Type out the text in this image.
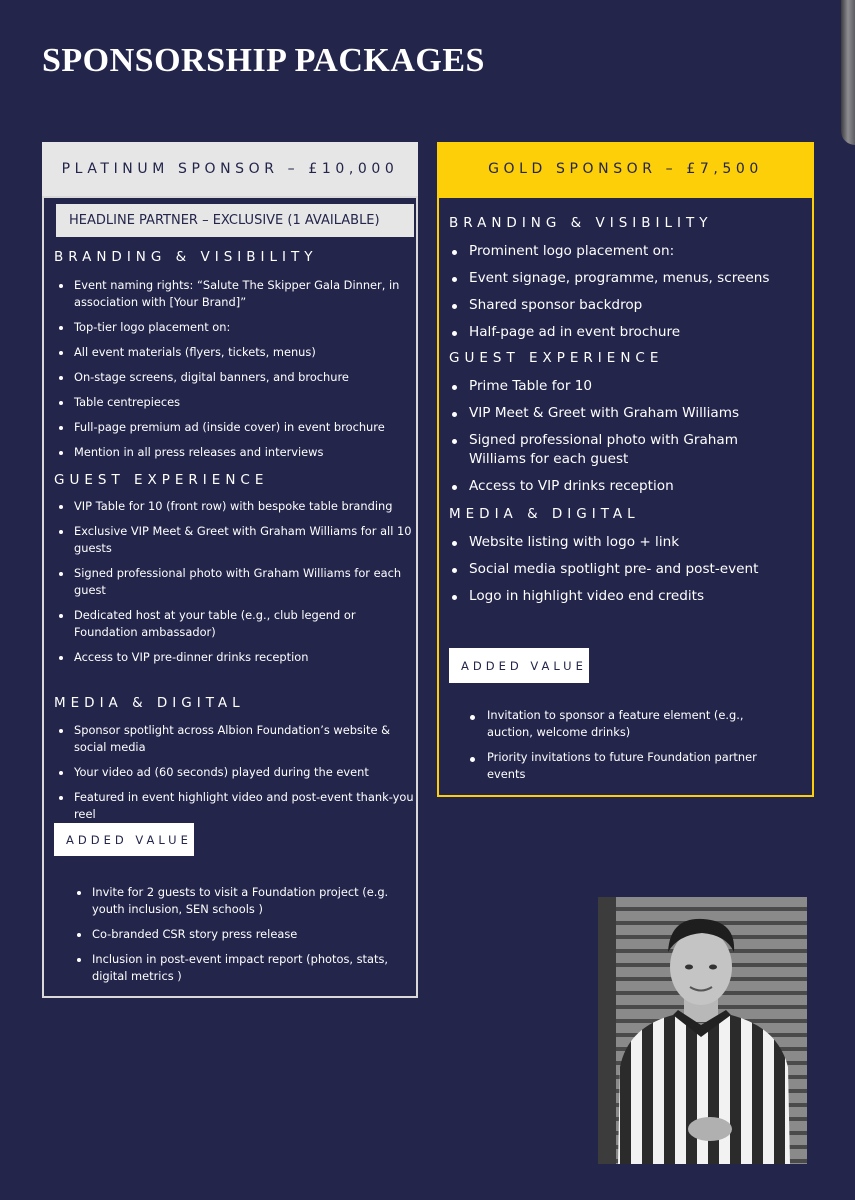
SPONSORSHIP PACKAGES
PLATINUM SPONSOR – £10,000
HEADLINE PARTNER – EXCLUSIVE (1 AVAILABLE)
BRANDING & VISIBILITY
Event naming rights: “Salute The Skipper Gala Dinner, in association with [Your Brand]”
Top-tier logo placement on:
All event materials (flyers, tickets, menus)
On-stage screens, digital banners, and brochure
Table centrepieces
Full-page premium ad (inside cover) in event brochure
Mention in all press releases and interviews
GUEST EXPERIENCE
VIP Table for 10 (front row) with bespoke table branding
Exclusive VIP Meet & Greet with Graham Williams for all 10 guests
Signed professional photo with Graham Williams for each guest
Dedicated host at your table (e.g., club legend or Foundation ambassador)
Access to VIP pre-dinner drinks reception
MEDIA & DIGITAL
Sponsor spotlight across Albion Foundation’s website & social media
Your video ad (60 seconds) played during the event
Featured in event highlight video and post-event thank-you reel
ADDED VALUE
Invite for 2 guests to visit a Foundation project (e.g. youth inclusion, SEN schools )
Co-branded CSR story press release
Inclusion in post-event impact report (photos, stats, digital metrics )
GOLD SPONSOR – £7,500
BRANDING & VISIBILITY
Prominent logo placement on:
Event signage, programme, menus, screens
Shared sponsor backdrop
Half-page ad in event brochure
GUEST EXPERIENCE
Prime Table for 10
VIP Meet & Greet with Graham Williams
Signed professional photo with Graham Williams for each guest
Access to VIP drinks reception
MEDIA & DIGITAL
Website listing with logo + link
Social media spotlight pre- and post-event
Logo in highlight video end credits
ADDED VALUE
Invitation to sponsor a feature element (e.g., auction, welcome drinks)
Priority invitations to future Foundation partner events
